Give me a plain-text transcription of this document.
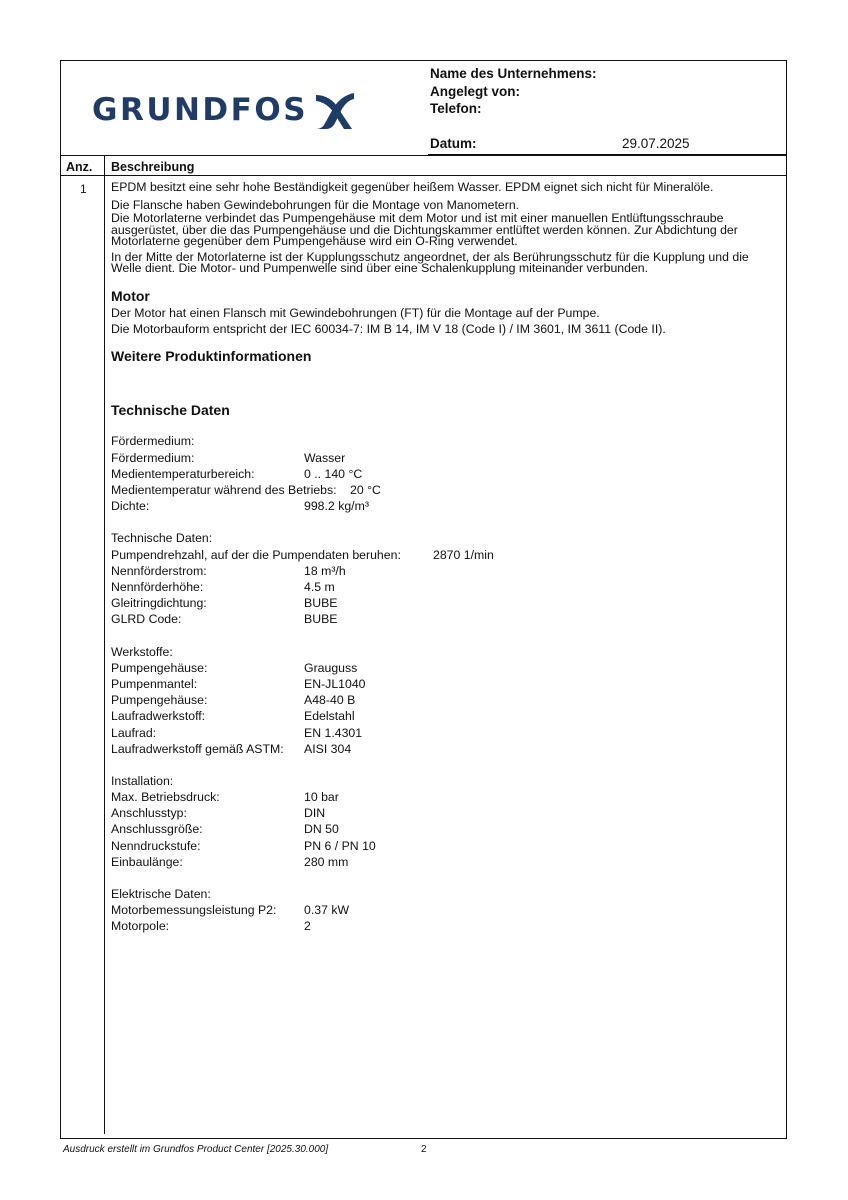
GRUNDFOS
Name des Unternehmens:
Angelegt von:
Telefon:
Datum:	29.07.2025
Anz. Beschreibung
1 EPDM besitzt eine sehr hohe Beständigkeit gegenüber heißem Wasser. EPDM eignet sich nicht für Mineralöle.

Die Flansche haben Gewindebohrungen für die Montage von Manometern.

Die Motorlaterne verbindet das Pumpengehäuse mit dem Motor und ist mit einer manuellen Entlüftungsschraube ausgerüstet, über die das Pumpengehäuse und die Dichtungskammer entlüftet werden können. Zur Abdichtung der Motorlaterne gegenüber dem Pumpengehäuse wird ein O-Ring verwendet.

In der Mitte der Motorlaterne ist der Kupplungsschutz angeordnet, der als Berührungsschutz für die Kupplung und die Welle dient. Die Motor- und Pumpenwelle sind über eine Schalenkupplung miteinander verbunden.

Motor

Der Motor hat einen Flansch mit Gewindebohrungen (FT) für die Montage auf der Pumpe.

Die Motorbauform entspricht der IEC 60034-7: IM B 14, IM V 18 (Code I) / IM 3601, IM 3611 (Code II).

Weitere Produktinformationen
Technische Daten
Fördermedium:
Fördermedium:	Wasser
Medientemperaturbereich:	0 .. 140 °C
Medientemperatur während des Betriebs: 20 °C
Dichte:	998.2 kg/m³
Technische Daten:
Pumpendrehzahl, auf der die Pumpendaten beruhen:	2870 1/min
Nennförderstrom:	18 m³/h
Nennförderhöhe:	4.5 m
Gleitringdichtung:	BUBE
GLRD Code:	BUBE
Werkstoffe:
Pumpengehäuse:	Grauguss
Pumpenmantel:	EN-JL1040
Pumpengehäuse:	A48-40 B
Laufradwerkstoff:	Edelstahl
Laufrad:	EN 1.4301
Laufradwerkstoff gemäß ASTM: AISI 304
Installation:
Max. Betriebsdruck:	10 bar
Anschlusstyp:	DIN
Anschlussgröße:	DN 50
Nenndruckstufe:	PN 6 / PN 10
Einbaulänge:	280 mm
Elektrische Daten:
Motorbemessungsleistung P2: 0.37 kW
Motorpole:	2
Ausdruck erstellt im Grundfos Product Center [2025.30.000]	2
